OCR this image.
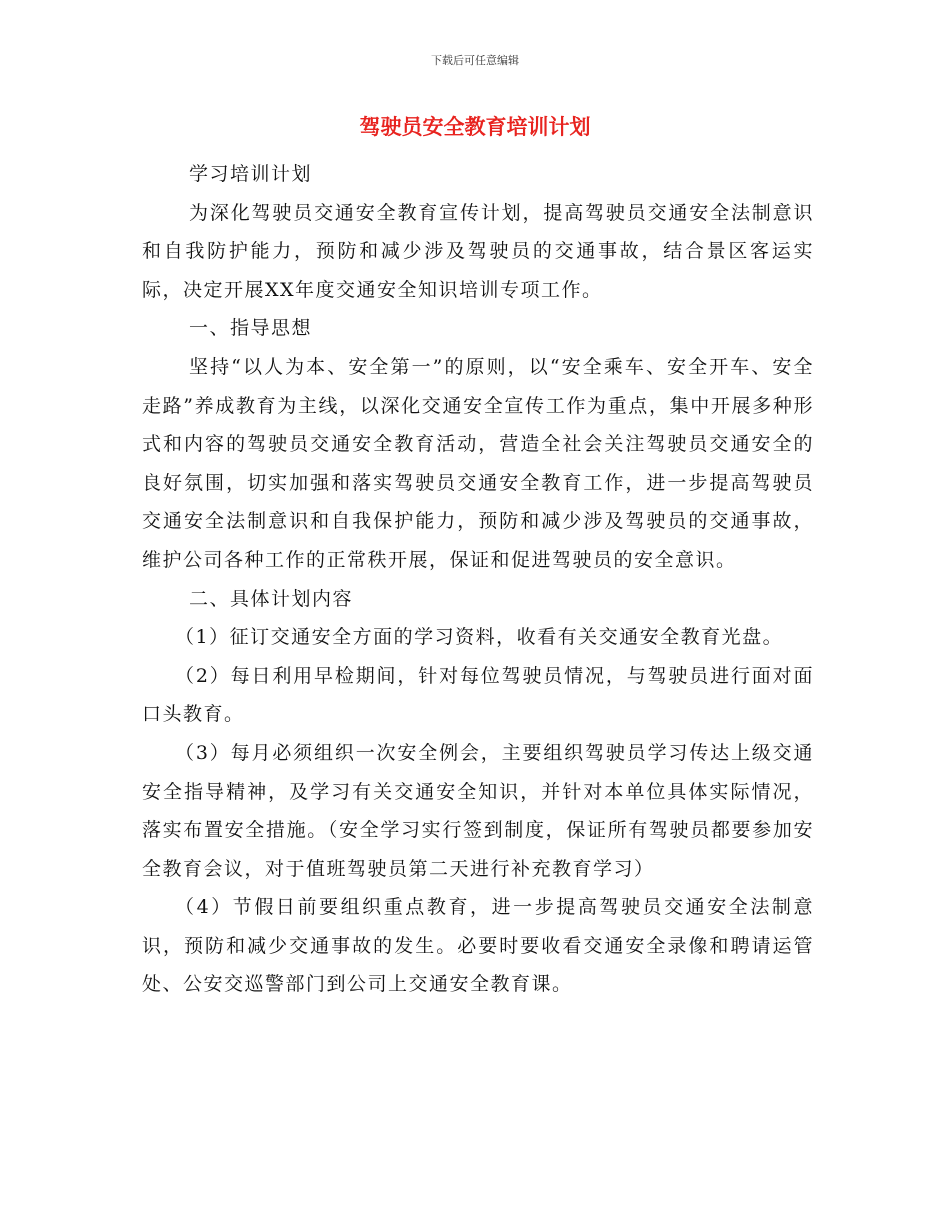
下载后可任意编辑
驾驶员安全教育培训计划

学习培训计划

为深化驾驶员交通安全教育宣传计划，提高驾驶员交通安全法制意识和自我防护能力，预防和减少涉及驾驶员的交通事故，结合景区客运实际，决定开展XX年度交通安全知识培训专项工作。

一、指导思想

坚持“以人为本、安全第一”的原则，以“安全乘车、安全开车、安全走路”养成教育为主线，以深化交通安全宣传工作为重点，集中开展多种形式和内容的驾驶员交通安全教育活动，营造全社会关注驾驶员交通安全的良好氛围，切实加强和落实驾驶员交通安全教育工作，进一步提高驾驶员交通安全法制意识和自我保护能力，预防和减少涉及驾驶员的交通事故，维护公司各种工作的正常秩开展，保证和促进驾驶员的安全意识。

二、具体计划内容

（1）征订交通安全方面的学习资料，收看有关交通安全教育光盘。

（2）每日利用早检期间，针对每位驾驶员情况，与驾驶员进行面对面口头教育。

（3）每月必须组织一次安全例会，主要组织驾驶员学习传达上级交通安全指导精神，及学习有关交通安全知识，并针对本单位具体实际情况，落实布置安全措施。（安全学习实行签到制度，保证所有驾驶员都要参加安全教育会议，对于值班驾驶员第二天进行补充教育学习）

（4）节假日前要组织重点教育，进一步提高驾驶员交通安全法制意识，预防和减少交通事故的发生。必要时要收看交通安全录像和聘请运管处、公安交巡警部门到公司上交通安全教育课。
